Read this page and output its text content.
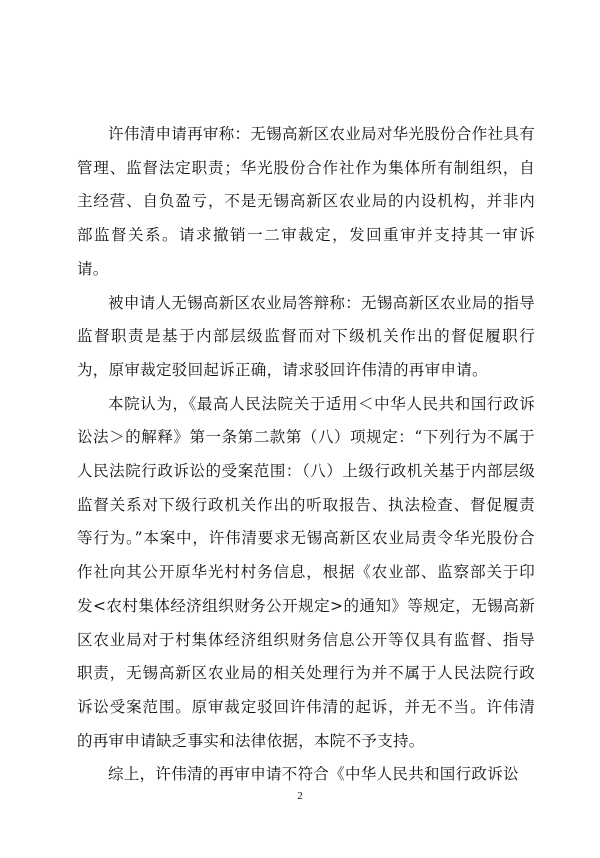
许伟清申请再审称：无锡高新区农业局对华光股份合作社具有管理、监督法定职责；华光股份合作社作为集体所有制组织，自主经营、自负盈亏，不是无锡高新区农业局的内设机构，并非内部监督关系。请求撤销一二审裁定，发回重审并支持其一审诉请。

被申请人无锡高新区农业局答辩称：无锡高新区农业局的指导监督职责是基于内部层级监督而对下级机关作出的督促履职行为，原审裁定驳回起诉正确，请求驳回许伟清的再审申请。

本院认为，《最高人民法院关于适用＜中华人民共和国行政诉讼法＞的解释》第一条第二款第（八）项规定：“下列行为不属于人民法院行政诉讼的受案范围：（八）上级行政机关基于内部层级监督关系对下级行政机关作出的听取报告、执法检查、督促履责等行为。”本案中，许伟清要求无锡高新区农业局责令华光股份合作社向其公开原华光村村务信息，根据《农业部、监察部关于印发<农村集体经济组织财务公开规定>的通知》等规定，无锡高新区农业局对于村集体经济组织财务信息公开等仅具有监督、指导职责，无锡高新区农业局的相关处理行为并不属于人民法院行政诉讼受案范围。原审裁定驳回许伟清的起诉，并无不当。许伟清的再审申请缺乏事实和法律依据，本院不予支持。

综上，许伟清的再审申请不符合《中华人民共和国行政诉讼

2
